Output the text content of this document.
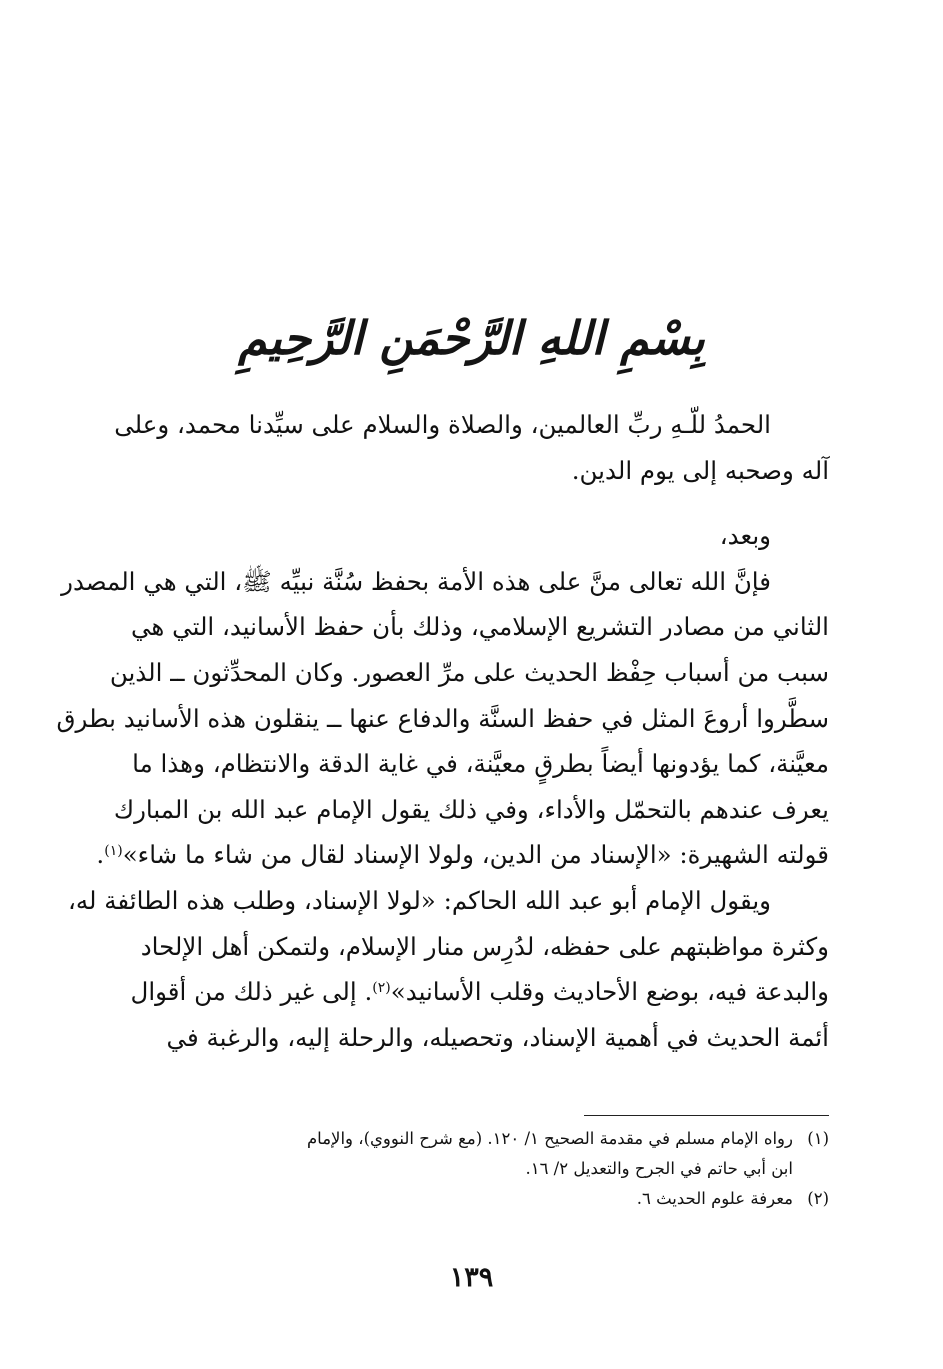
بِسْمِ اللهِ الرَّحْمَنِ الرَّحِيمِ

الحمدُ للّـهِ ربِّ العالمين، والصلاة والسلام على سيِّدنا محمد، وعلى
آله وصحبه إلى يوم الدين.

وبعد،

فإنَّ الله تعالى منَّ على هذه الأمة بحفظ سُنَّة نبيِّه ﷺ، التي هي المصدر
الثاني من مصادر التشريع الإسلامي، وذلك بأن حفظ الأسانيد، التي هي
سبب من أسباب حِفْظ الحديث على مرِّ العصور. وكان المحدِّثون ــ الذين
سطَّروا أروعَ المثل في حفظ السنَّة والدفاع عنها ــ ينقلون هذه الأسانيد بطرق
معيَّنة، كما يؤدونها أيضاً بطرقٍ معيَّنة، في غاية الدقة والانتظام، وهذا ما
يعرف عندهم بالتحمّل والأداء، وفي ذلك يقول الإمام عبد الله بن المبارك
قولته الشهيرة: «الإسناد من الدين، ولولا الإسناد لقال من شاء ما شاء»$^{(١)}$.

ويقول الإمام أبو عبد الله الحاكم: «لولا الإسناد، وطلب هذه الطائفة له،
وكثرة مواظبتهم على حفظه، لدُرِس منار الإسلام، ولتمكن أهل الإلحاد
والبدعة فيه، بوضع الأحاديث وقلب الأسانيد»$^{(٢)}$. إلى غير ذلك من أقوال
أئمة الحديث في أهمية الإسناد، وتحصيله، والرحلة إليه، والرغبة في

(١)رواه الإمام مسلم في مقدمة الصحيح ١/ ١٢٠. (مع شرح النووي)، والإمام
ابن أبي حاتم في الجرح والتعديل ٢/ ١٦.
(٢)معرفة علوم الحديث ٦.
١٣٩
